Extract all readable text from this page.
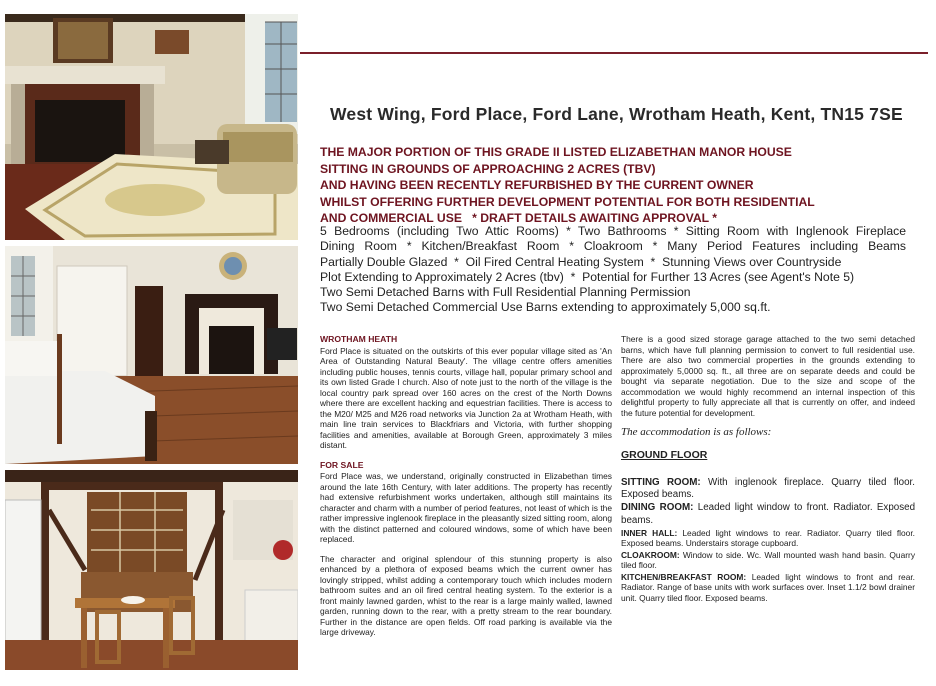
West Wing, Ford Place, Ford Lane, Wrotham Heath, Kent, TN15 7SE
THE MAJOR PORTION OF THIS GRADE II LISTED ELIZABETHAN MANOR HOUSE
SITTING IN GROUNDS OF APPROACHING 2 ACRES (TBV)
AND HAVING BEEN RECENTLY REFURBISHED BY THE CURRENT OWNER
WHILST OFFERING FURTHER DEVELOPMENT POTENTIAL FOR BOTH RESIDENTIAL
AND COMMERCIAL USE   * DRAFT DETAILS AWAITING APPROVAL *
5 Bedrooms (including Two Attic Rooms) * Two Bathrooms * Sitting Room with Inglenook Fireplace
Dining Room * Kitchen/Breakfast Room * Cloakroom * Many Period Features including Beams
Partially Double Glazed  *  Oil Fired Central Heating System  *  Stunning Views over Countryside
Plot Extending to Approximately 2 Acres (tbv)  *  Potential for Further 13 Acres (see Agent's Note 5)
Two Semi Detached Barns with Full Residential Planning Permission
Two Semi Detached Commercial Use Barns extending to approximately 5,000 sq.ft.
WROTHAM HEATH

Ford Place is situated on the outskirts of this ever popular village sited as 'An Area of Outstanding Natural Beauty'. The village centre offers amenities including public houses, tennis courts, village hall, popular primary school and its own listed Grade I church. Also of note just to the north of the village is the local country park spread over 160 acres on the crest of the North Downs where there are excellent hacking and equestrian facilities. There is access to the M20/ M25 and M26 road networks via Junction 2a at Wrotham Heath, with main line train services to Blackfriars and Victoria, with further shopping facilities and amenities, available at Borough Green, approximately 3 miles distant.

FOR SALE

Ford Place was, we understand, originally constructed in Elizabethan times around the late 16th Century, with later additions. The property has recently had extensive refurbishment works undertaken, although still maintains its character and charm with a number of period features, not least of which is the rather impressive inglenook fireplace in the pleasantly sized sitting room, along with the distinct patterned and coloured windows, some of which have been replaced.

The character and original splendour of this stunning property is also enhanced by a plethora of exposed beams which the current owner has lovingly stripped, whilst adding a contemporary touch which includes modern bathroom suites and an oil fired central heating system. To the exterior is a front mainly lawned garden, whist to the rear is a large mainly walled, lawned garden, running down to the rear, with a pretty stream to the rear boundary. Further in the distance are open fields. Off road parking is available via the large driveway.

There is a good sized storage garage attached to the two semi detached barns, which have full planning permission to convert to full residential use. There are also two commercial properties in the grounds extending to approximately 5,0000 sq. ft., all three are on separate deeds and could be bought via separate negotiation. Due to the size and scope of the accommodation we would highly recommend an internal inspection of this delightful property to fully appreciate all that is currently on offer, and indeed the future potential for development.

The accommodation is as follows:
GROUND FLOOR
SITTING ROOM: With inglenook fireplace. Quarry tiled floor. Exposed beams.
DINING ROOM: Leaded light window to front. Radiator. Exposed beams.
INNER HALL: Leaded light windows to rear. Radiator. Quarry tiled floor. Exposed beams. Understairs storage cupboard.
CLOAKROOM: Window to side. Wc. Wall mounted wash hand basin. Quarry tiled floor.
KITCHEN/BREAKFAST ROOM: Leaded light windows to front and rear. Radiator. Range of base units with work surfaces over. Inset 1.1/2 bowl drainer unit. Quarry tiled floor. Exposed beams.
